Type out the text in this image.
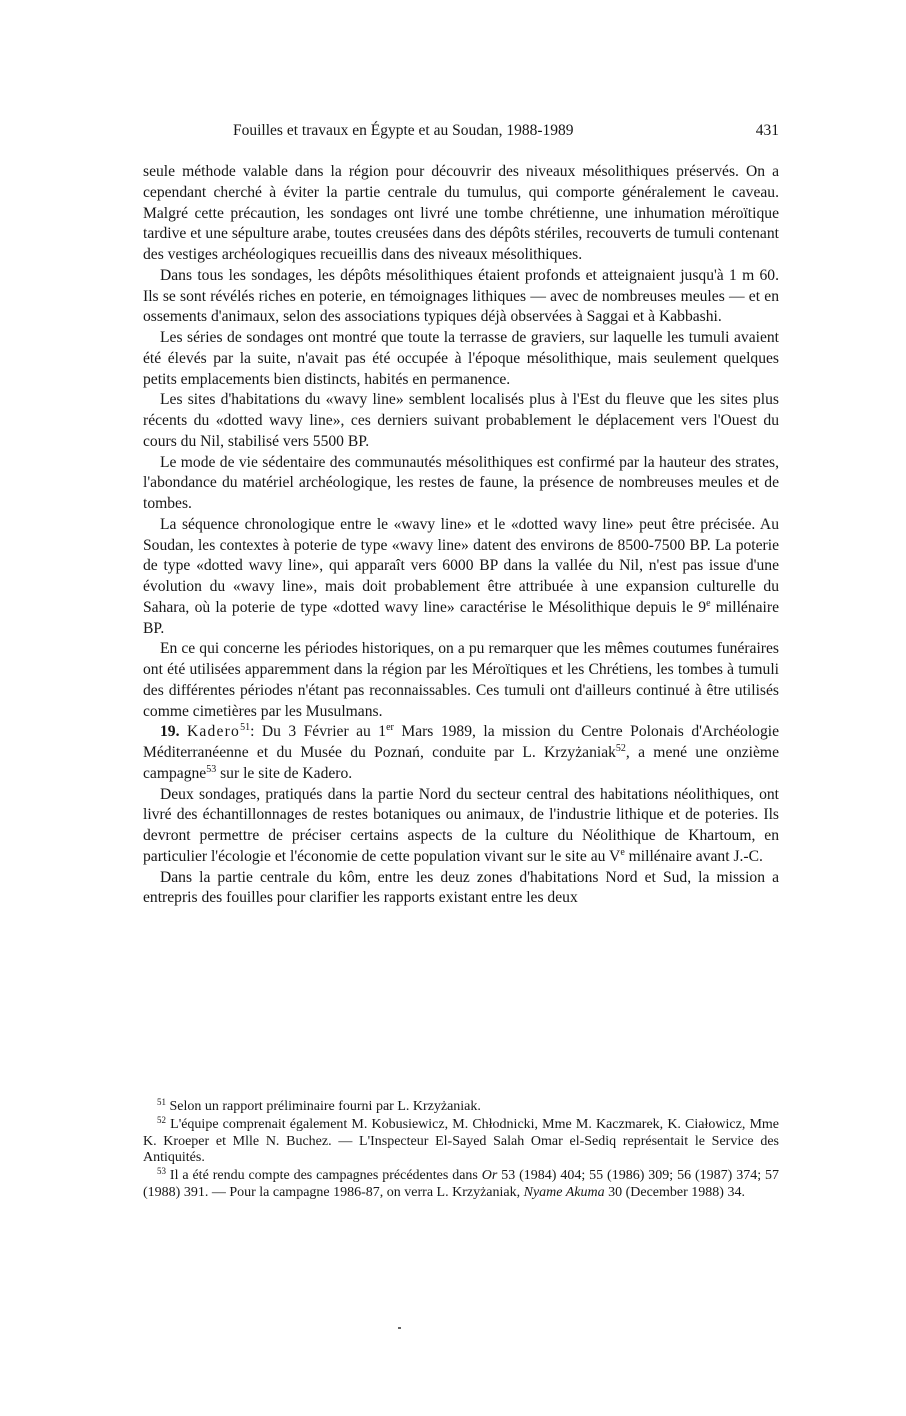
Fouilles et travaux en Égypte et au Soudan, 1988-1989	431

seule méthode valable dans la région pour découvrir des niveaux mésolithiques préservés. On a cependant cherché à éviter la partie centrale du tumulus, qui comporte généralement le caveau. Malgré cette précaution, les sondages ont livré une tombe chrétienne, une inhumation méroïtique tardive et une sépulture arabe, toutes creusées dans des dépôts stériles, recouverts de tumuli contenant des vestiges archéologiques recueillis dans des niveaux mésolithiques.

Dans tous les sondages, les dépôts mésolithiques étaient profonds et atteignaient jusqu'à 1 m 60. Ils se sont révélés riches en poterie, en témoignages lithiques — avec de nombreuses meules — et en ossements d'animaux, selon des associations typiques déjà observées à Saggai et à Kabbashi.

Les séries de sondages ont montré que toute la terrasse de graviers, sur laquelle les tumuli avaient été élevés par la suite, n'avait pas été occupée à l'époque mésolithique, mais seulement quelques petits emplacements bien distincts, habités en permanence.

Les sites d'habitations du «wavy line» semblent localisés plus à l'Est du fleuve que les sites plus récents du «dotted wavy line», ces derniers suivant probablement le déplacement vers l'Ouest du cours du Nil, stabilisé vers 5500 BP.

Le mode de vie sédentaire des communautés mésolithiques est confirmé par la hauteur des strates, l'abondance du matériel archéologique, les restes de faune, la présence de nombreuses meules et de tombes.

La séquence chronologique entre le «wavy line» et le «dotted wavy line» peut être précisée. Au Soudan, les contextes à poterie de type «wavy line» datent des environs de 8500-7500 BP. La poterie de type «dotted wavy line», qui apparaît vers 6000 BP dans la vallée du Nil, n'est pas issue d'une évolution du «wavy line», mais doit probablement être attribuée à une expansion culturelle du Sahara, où la poterie de type «dotted wavy line» caractérise le Mésolithique depuis le 9e millénaire BP.

En ce qui concerne les périodes historiques, on a pu remarquer que les mêmes coutumes funéraires ont été utilisées apparemment dans la région par les Méroïtiques et les Chrétiens, les tombes à tumuli des différentes périodes n'étant pas reconnaissables. Ces tumuli ont d'ailleurs continué à être utilisés comme cimetières par les Musulmans.

19. Kadero$^{51}$: Du 3 Février au 1er Mars 1989, la mission du Centre Polonais d'Archéologie Méditerranéenne et du Musée du Poznań, conduite par L. Krzyżaniak$^{52}$, a mené une onzième campagne$^{53}$ sur le site de Kadero.

Deux sondages, pratiqués dans la partie Nord du secteur central des habitations néolithiques, ont livré des échantillonnages de restes botaniques ou animaux, de l'industrie lithique et de poteries. Ils devront permettre de préciser certains aspects de la culture du Néolithique de Khartoum, en particulier l'écologie et l'économie de cette population vivant sur le site au Ve millénaire avant J.-C.

Dans la partie centrale du kôm, entre les deuz zones d'habitations Nord et Sud, la mission a entrepris des fouilles pour clarifier les rapports existant entre les deux

$^{51}$ Selon un rapport préliminaire fourni par L. Krzyżaniak.

$^{52}$ L'équipe comprenait également M. Kobusiewicz, M. Chłodnicki, Mme M. Kaczmarek, K. Ciałowicz, Mme K. Kroeper et Mlle N. Buchez. — L'Inspecteur El-Sayed Salah Omar el-Sediq représentait le Service des Antiquités.

$^{53}$ Il a été rendu compte des campagnes précédentes dans Or 53 (1984) 404; 55 (1986) 309; 56 (1987) 374; 57 (1988) 391. — Pour la campagne 1986-87, on verra L. Krzyżaniak, Nyame Akuma 30 (December 1988) 34.
